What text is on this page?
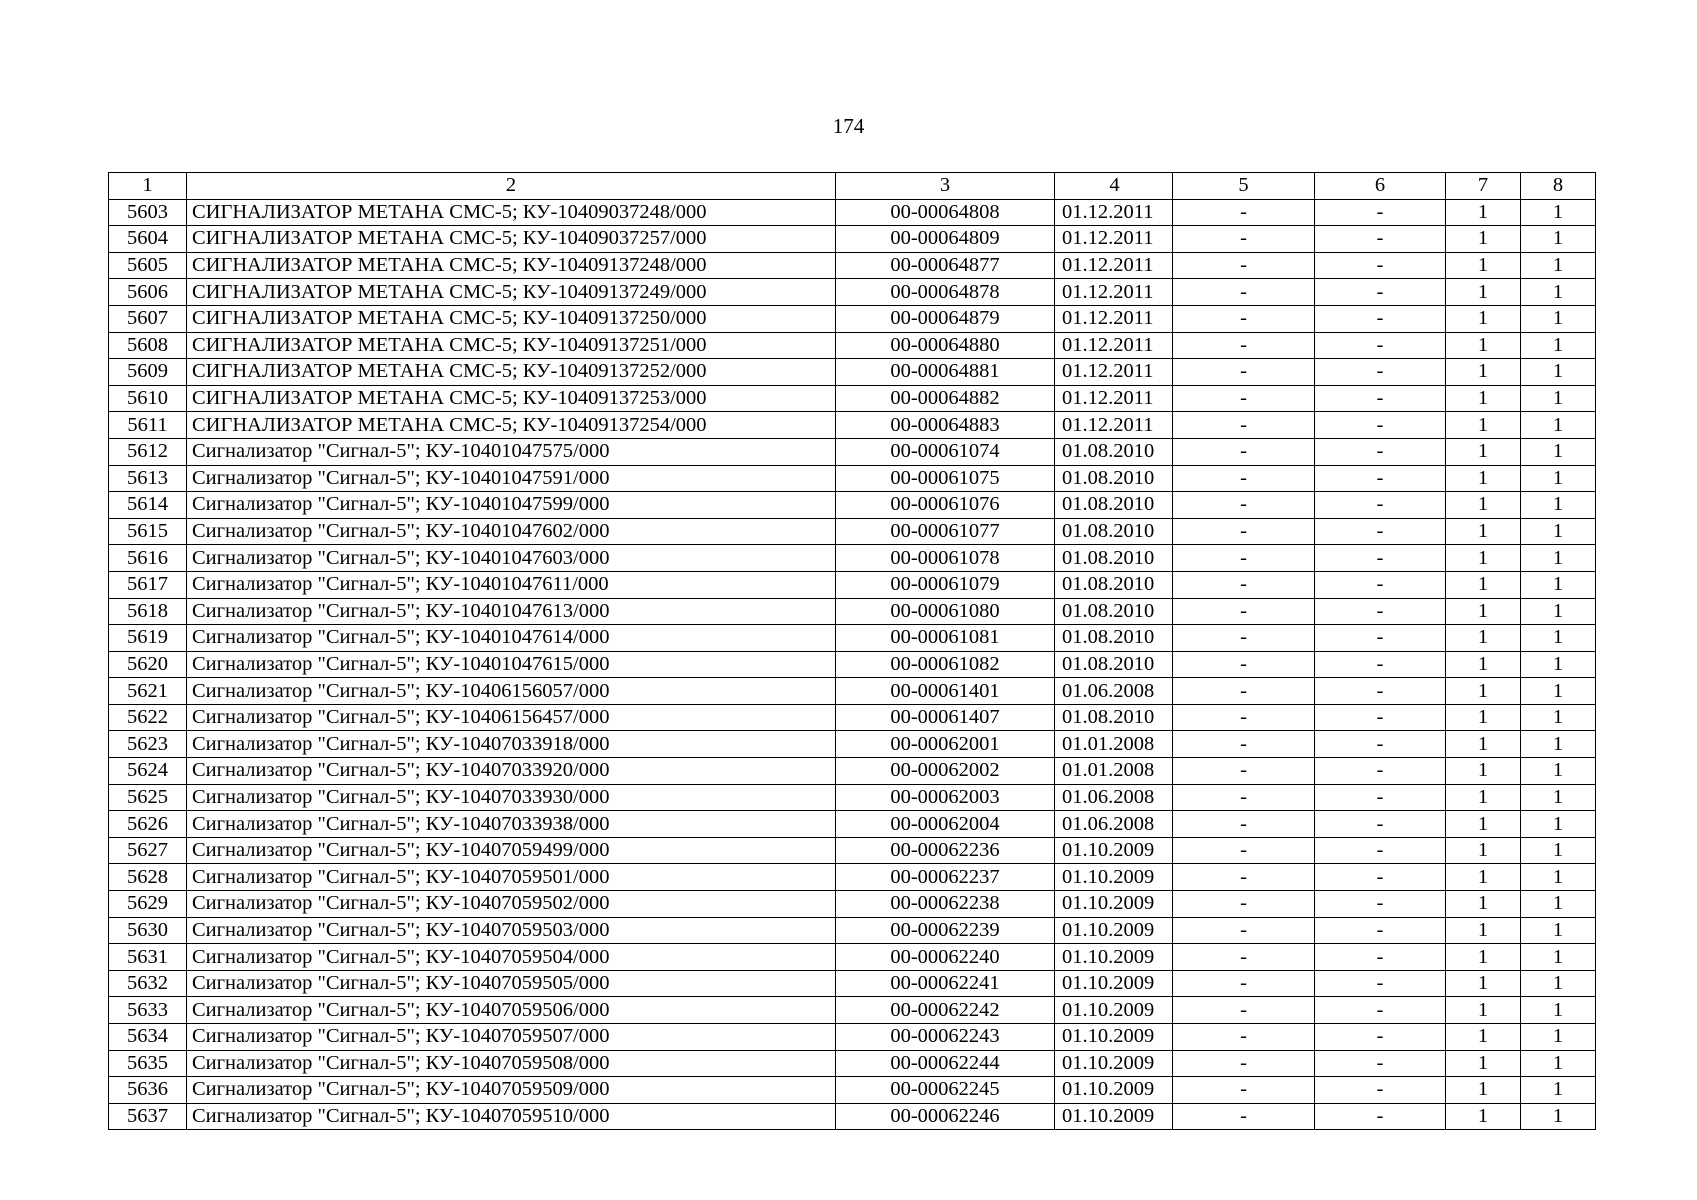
174
1	2	3	4	5	6	7	8
5603	СИГНАЛИЗАТОР МЕТАНА СМС-5; КУ-10409037248/000	00-00064808	01.12.2011	-	-	1	1
5604	СИГНАЛИЗАТОР МЕТАНА СМС-5; КУ-10409037257/000	00-00064809	01.12.2011	-	-	1	1
5605	СИГНАЛИЗАТОР МЕТАНА СМС-5; КУ-10409137248/000	00-00064877	01.12.2011	-	-	1	1
5606	СИГНАЛИЗАТОР МЕТАНА СМС-5; КУ-10409137249/000	00-00064878	01.12.2011	-	-	1	1
5607	СИГНАЛИЗАТОР МЕТАНА СМС-5; КУ-10409137250/000	00-00064879	01.12.2011	-	-	1	1
5608	СИГНАЛИЗАТОР МЕТАНА СМС-5; КУ-10409137251/000	00-00064880	01.12.2011	-	-	1	1
5609	СИГНАЛИЗАТОР МЕТАНА СМС-5; КУ-10409137252/000	00-00064881	01.12.2011	-	-	1	1
5610	СИГНАЛИЗАТОР МЕТАНА СМС-5; КУ-10409137253/000	00-00064882	01.12.2011	-	-	1	1
5611	СИГНАЛИЗАТОР МЕТАНА СМС-5; КУ-10409137254/000	00-00064883	01.12.2011	-	-	1	1
5612	Сигнализатор "Сигнал-5"; КУ-10401047575/000	00-00061074	01.08.2010	-	-	1	1
5613	Сигнализатор "Сигнал-5"; КУ-10401047591/000	00-00061075	01.08.2010	-	-	1	1
5614	Сигнализатор "Сигнал-5"; КУ-10401047599/000	00-00061076	01.08.2010	-	-	1	1
5615	Сигнализатор "Сигнал-5"; КУ-10401047602/000	00-00061077	01.08.2010	-	-	1	1
5616	Сигнализатор "Сигнал-5"; КУ-10401047603/000	00-00061078	01.08.2010	-	-	1	1
5617	Сигнализатор "Сигнал-5"; КУ-10401047611/000	00-00061079	01.08.2010	-	-	1	1
5618	Сигнализатор "Сигнал-5"; КУ-10401047613/000	00-00061080	01.08.2010	-	-	1	1
5619	Сигнализатор "Сигнал-5"; КУ-10401047614/000	00-00061081	01.08.2010	-	-	1	1
5620	Сигнализатор "Сигнал-5"; КУ-10401047615/000	00-00061082	01.08.2010	-	-	1	1
5621	Сигнализатор "Сигнал-5"; КУ-10406156057/000	00-00061401	01.06.2008	-	-	1	1
5622	Сигнализатор "Сигнал-5"; КУ-10406156457/000	00-00061407	01.08.2010	-	-	1	1
5623	Сигнализатор "Сигнал-5"; КУ-10407033918/000	00-00062001	01.01.2008	-	-	1	1
5624	Сигнализатор "Сигнал-5"; КУ-10407033920/000	00-00062002	01.01.2008	-	-	1	1
5625	Сигнализатор "Сигнал-5"; КУ-10407033930/000	00-00062003	01.06.2008	-	-	1	1
5626	Сигнализатор "Сигнал-5"; КУ-10407033938/000	00-00062004	01.06.2008	-	-	1	1
5627	Сигнализатор "Сигнал-5"; КУ-10407059499/000	00-00062236	01.10.2009	-	-	1	1
5628	Сигнализатор "Сигнал-5"; КУ-10407059501/000	00-00062237	01.10.2009	-	-	1	1
5629	Сигнализатор "Сигнал-5"; КУ-10407059502/000	00-00062238	01.10.2009	-	-	1	1
5630	Сигнализатор "Сигнал-5"; КУ-10407059503/000	00-00062239	01.10.2009	-	-	1	1
5631	Сигнализатор "Сигнал-5"; КУ-10407059504/000	00-00062240	01.10.2009	-	-	1	1
5632	Сигнализатор "Сигнал-5"; КУ-10407059505/000	00-00062241	01.10.2009	-	-	1	1
5633	Сигнализатор "Сигнал-5"; КУ-10407059506/000	00-00062242	01.10.2009	-	-	1	1
5634	Сигнализатор "Сигнал-5"; КУ-10407059507/000	00-00062243	01.10.2009	-	-	1	1
5635	Сигнализатор "Сигнал-5"; КУ-10407059508/000	00-00062244	01.10.2009	-	-	1	1
5636	Сигнализатор "Сигнал-5"; КУ-10407059509/000	00-00062245	01.10.2009	-	-	1	1
5637	Сигнализатор "Сигнал-5"; КУ-10407059510/000	00-00062246	01.10.2009	-	-	1	1
